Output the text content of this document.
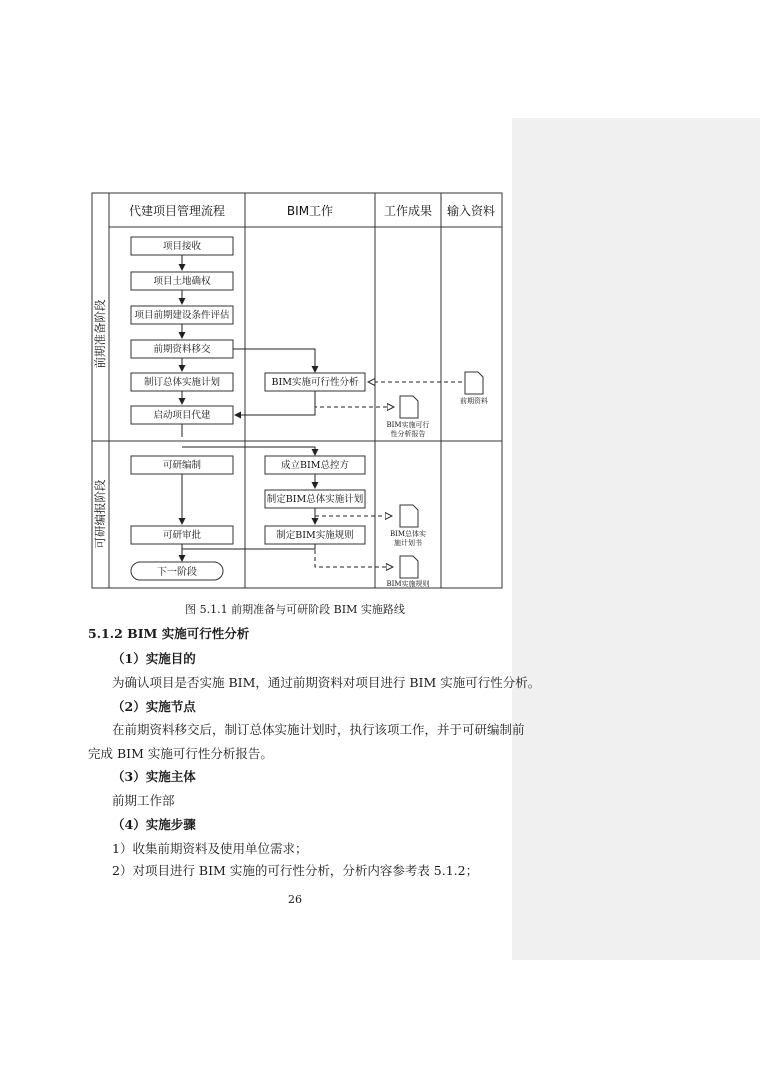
代建项目管理流程	BIM工作	工作成果 输入资料
前期准备阶段
可研编报阶段
项目接收
项目土地确权
项目前期建设条件评估
前期资料移交
制订总体实施计划
启动项目代建
可研编制
可研审批
下一阶段
BIM实施可行性分析
成立BIM总控方
制定BIM总体实施计划
制定BIM实施规则
前期资料
BIM实施可行
性分析报告
BIM总体实
施计划书
BIM实施规则
图 5.1.1 前期准备与可研阶段 BIM 实施路线
5.1.2 BIM 实施可行性分析
（1）实施目的
为确认项目是否实施 BIM，通过前期资料对项目进行 BIM 实施可行性分析。
（2）实施节点
在前期资料移交后，制订总体实施计划时，执行该项工作，并于可研编制前
完成 BIM 实施可行性分析报告。
（3）实施主体
前期工作部
（4）实施步骤
1）收集前期资料及使用单位需求；
2）对项目进行 BIM 实施的可行性分析，分析内容参考表 5.1.2；
26
